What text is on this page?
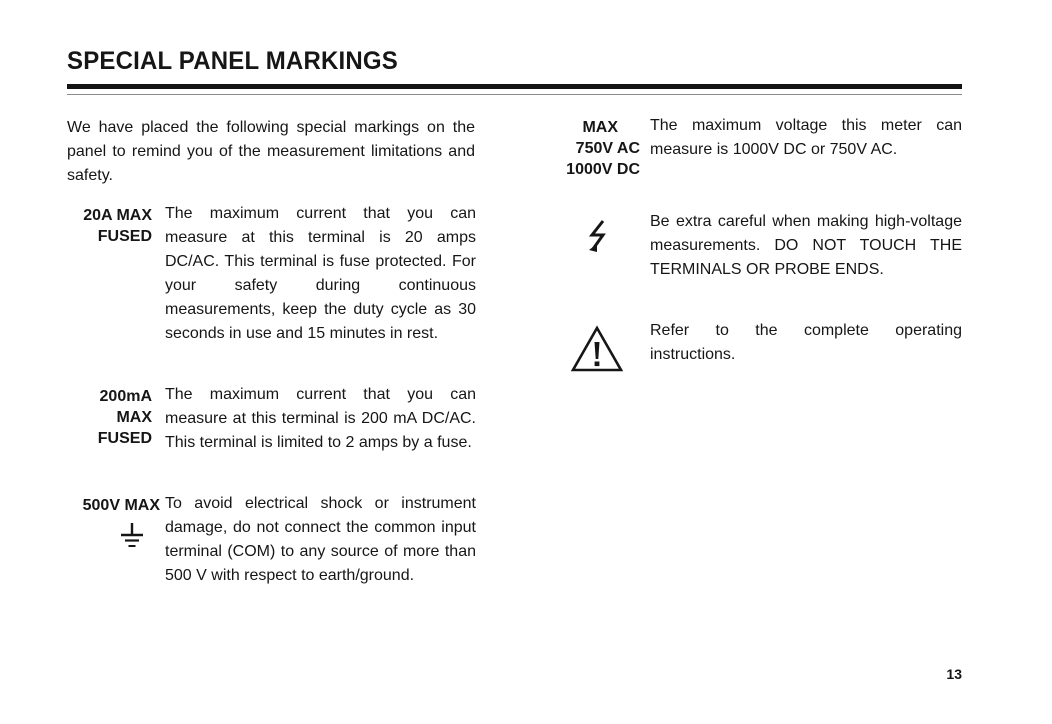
SPECIAL PANEL MARKINGS
We have placed the following special markings on the panel to remind you of the measurement limitations and safety.
20A MAX
FUSED
The maximum current that you can measure at this terminal is 20 amps DC/AC. This terminal is fuse protected. For your safety during continuous measurements, keep the duty cycle as 30 seconds in use and 15 minutes in rest.
200mA
MAX
FUSED
The maximum current that you can measure at this terminal is 200 mA DC/AC. This terminal is limited to 2 amps by a fuse.
500V MAX To avoid electrical shock or instrument damage, do not connect the common input terminal (COM) to any source of more than 500 V with respect to earth/ground.
MAX
750V AC
1000V DC
The maximum voltage this meter can measure is 1000V DC or 750V AC.
Be extra careful when making high-voltage measurements. DO NOT TOUCH THE TERMINALS OR PROBE ENDS.
Refer to the complete operating instructions.
13
